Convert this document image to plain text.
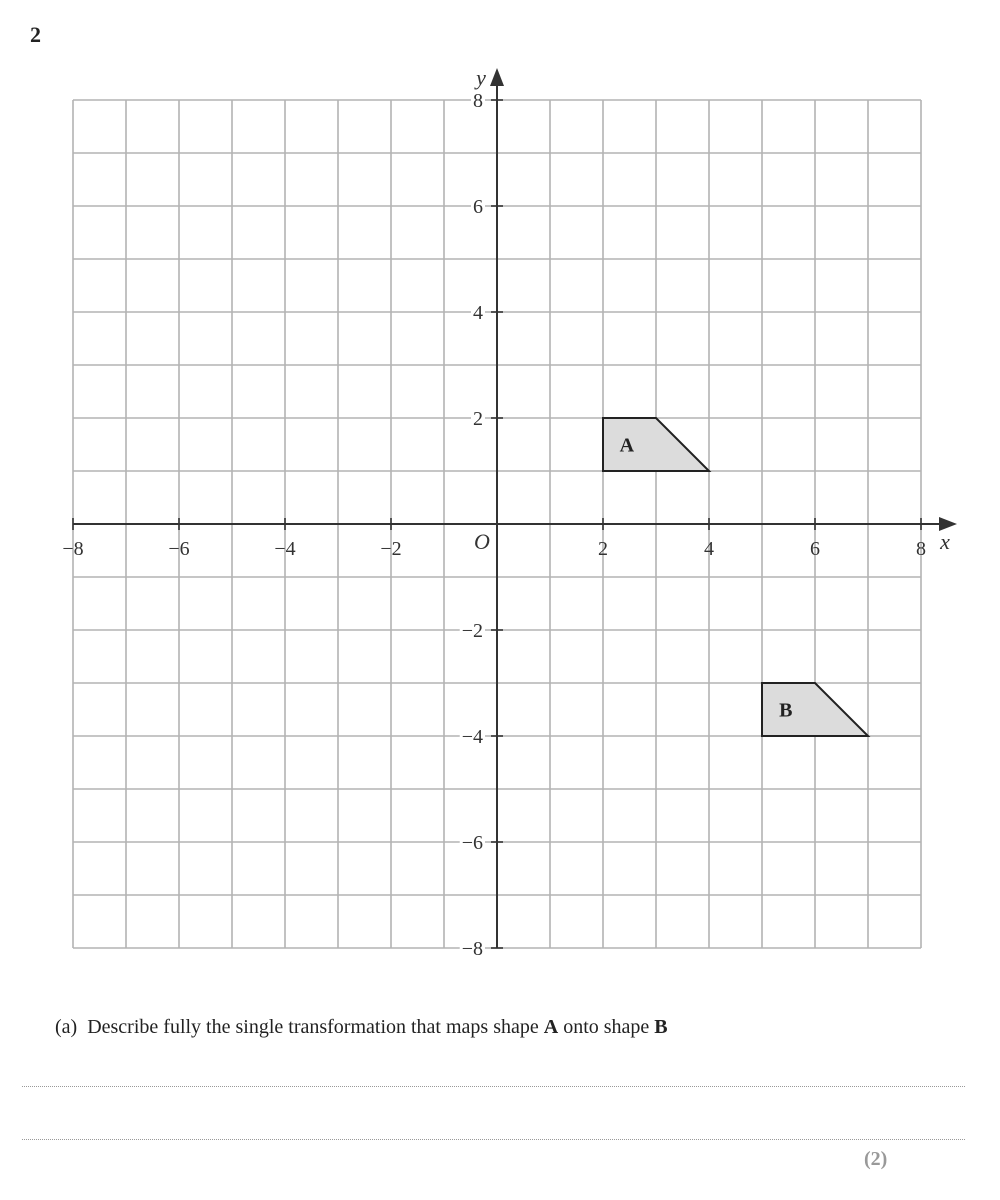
2
−8	−6	−4	−2	2	4	6	8
8
6
4
2
−2
−4
−6
−8
O	x
y
A
B
(a) Describe fully the single transformation that maps shape A onto shape B
(2)
